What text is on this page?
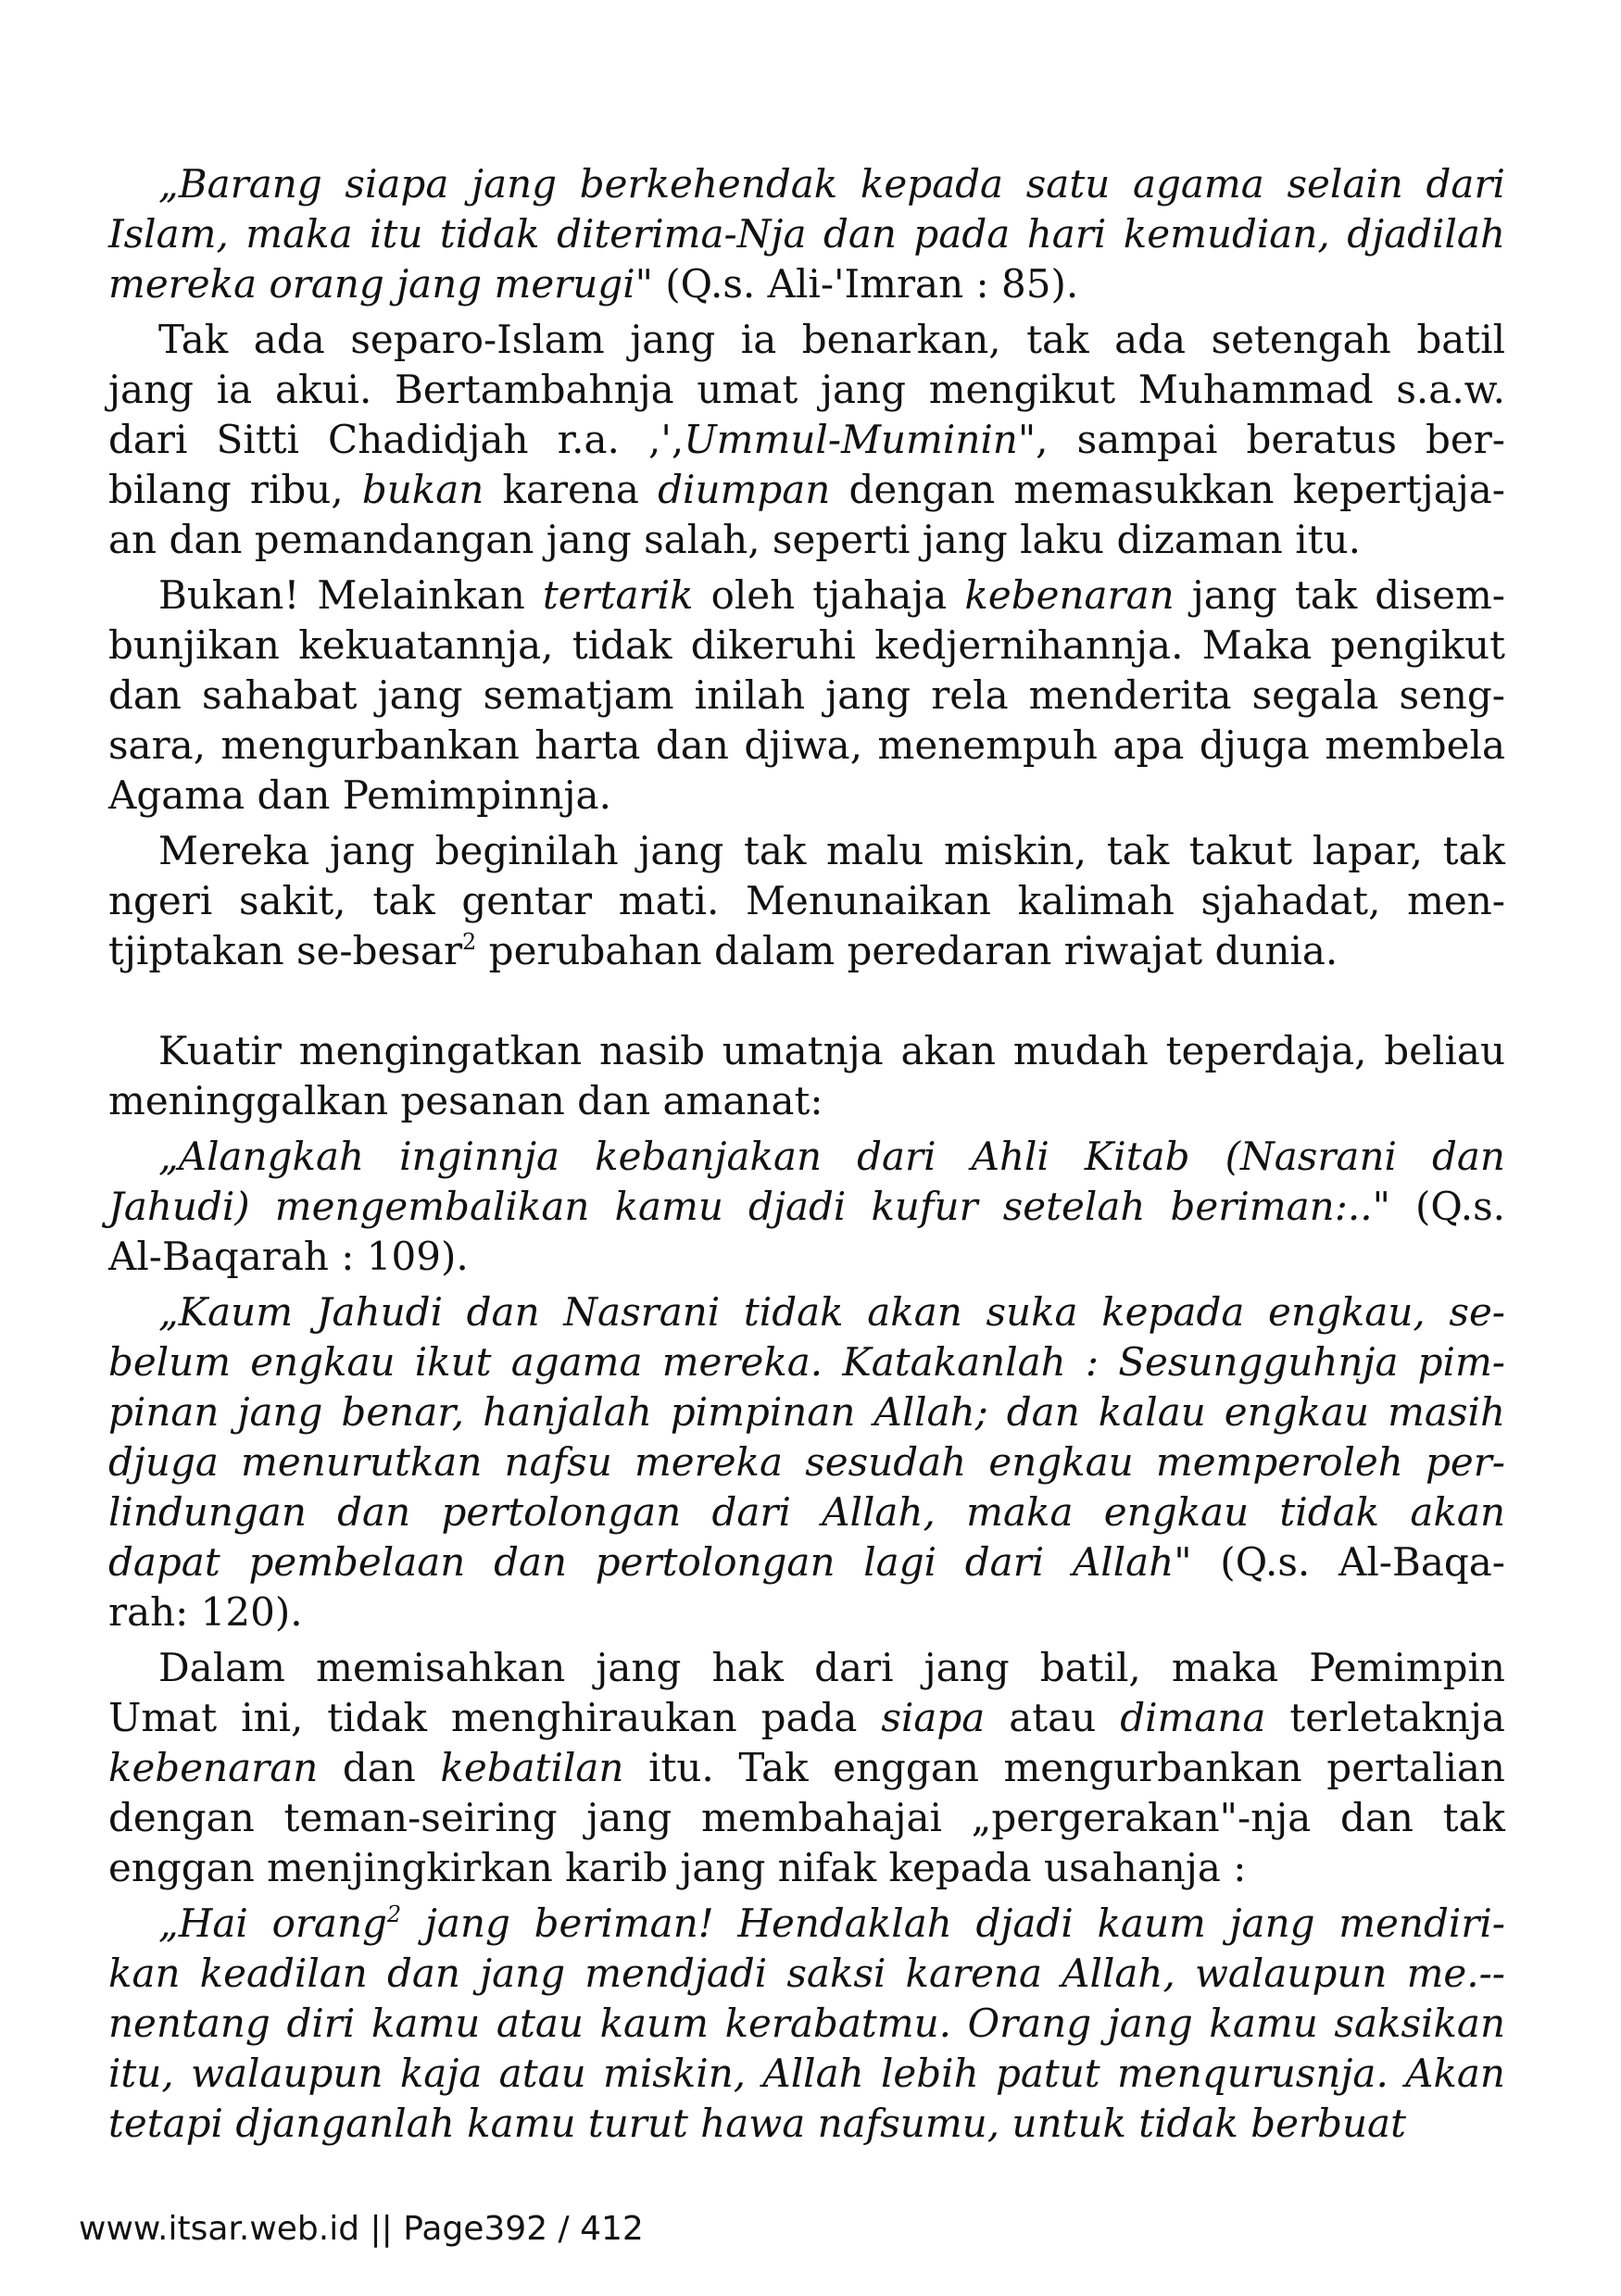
„Barang siapa jang berkehendak kepada satu agama selain dari
Islam, maka itu tidak diterima-Nja dan pada hari kemudian, djadilah
mereka orang jang merugi" (Q.s. Ali-'Imran : 85).
Tak ada separo-Islam jang ia benarkan, tak ada setengah batil
jang ia akui. Bertambahnja umat jang mengikut Muhammad s.a.w.
dari Sitti Chadidjah r.a. ,',Ummul-Muminin", sampai beratus ber-
bilang ribu, bukan karena diumpan dengan memasukkan kepertjaja-
an dan pemandangan jang salah, seperti jang laku dizaman itu.
Bukan! Melainkan tertarik oleh tjahaja kebenaran jang tak disem-
bunjikan kekuatannja, tidak dikeruhi kedjernihannja. Maka pengikut
dan sahabat jang sematjam inilah jang rela menderita segala seng-
sara, mengurbankan harta dan djiwa, menempuh apa djuga membela
Agama dan Pemimpinnja.
Mereka jang beginilah jang tak malu miskin, tak takut lapar, tak
ngeri sakit, tak gentar mati. Menunaikan kalimah sjahadat, men-
tjiptakan se-besar$^2$ perubahan dalam peredaran riwajat dunia.
Kuatir mengingatkan nasib umatnja akan mudah teperdaja, beliau
meninggalkan pesanan dan amanat:
„Alangkah inginnja kebanjakan dari Ahli Kitab (Nasrani dan
Jahudi) mengembalikan kamu djadi kufur setelah beriman:.." (Q.s.
Al-Baqarah : 109).
„Kaum Jahudi dan Nasrani tidak akan suka kepada engkau, se-
belum engkau ikut agama mereka. Katakanlah : Sesungguhnja pim-
pinan jang benar, hanjalah pimpinan Allah; dan kalau engkau masih
djuga menurutkan nafsu mereka sesudah engkau memperoleh per-
lindungan dan pertolongan dari Allah, maka engkau tidak akan
dapat pembelaan dan pertolongan lagi dari Allah" (Q.s. Al-Baqa-
rah: 120).
Dalam memisahkan jang hak dari jang batil, maka Pemimpin
Umat ini, tidak menghiraukan pada siapa atau dimana terletaknja
kebenaran dan kebatilan itu. Tak enggan mengurbankan pertalian
dengan teman-seiring jang membahajai „pergerakan"-nja dan tak
enggan menjingkirkan karib jang nifak kepada usahanja :
„Hai orang$^2$ jang beriman! Hendaklah djadi kaum jang mendiri-
kan keadilan dan jang mendjadi saksi karena Allah, walaupun me.--
nentang diri kamu atau kaum kerabatmu. Orang jang kamu saksikan
itu, walaupun kaja atau miskin, Allah lebih patut menqurusnja. Akan
tetapi djanganlah kamu turut hawa nafsumu, untuk tidak berbuat
www.itsar.web.id || Page392 / 412
